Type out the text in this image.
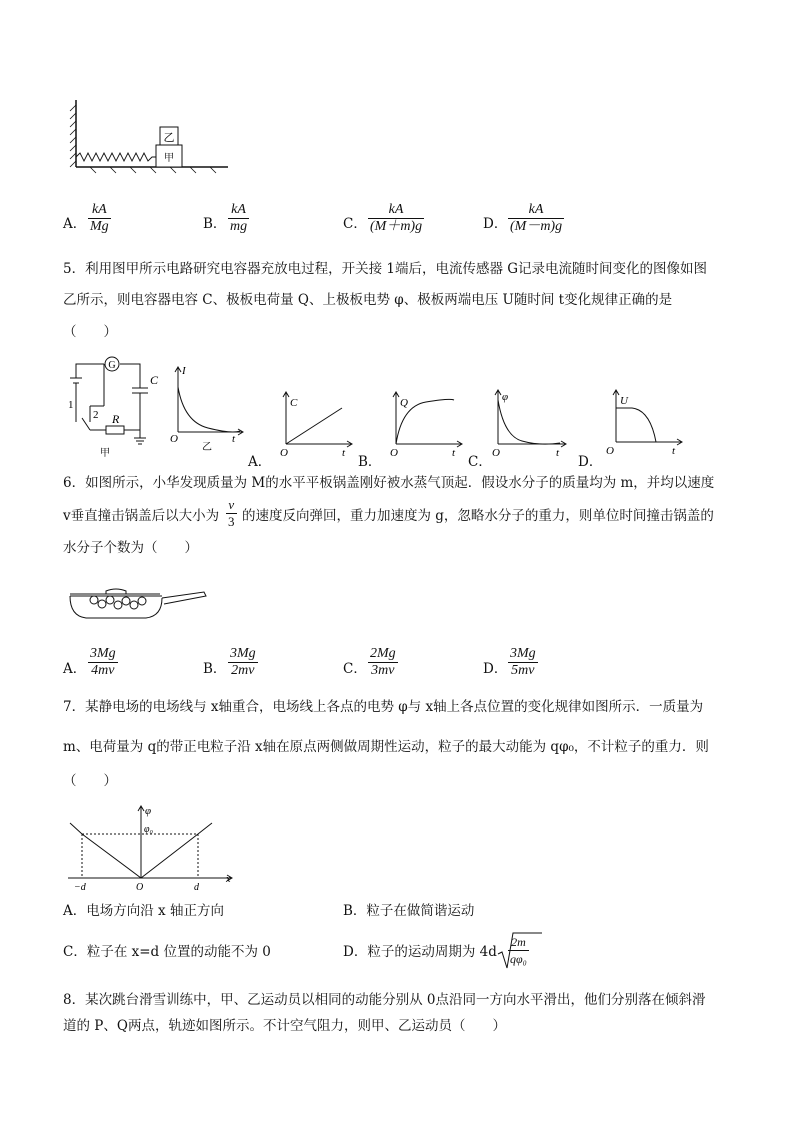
乙
甲
A．
kA
Mg	B．
kA
mg	C．
kA
(M＋m)g	D．
kA
(M－m)g
5．利用图甲所示电路研究电容器充放电过程，开关接 1端后，电流传感器 G记录电流随时间变化的图像如图
乙所示，则电容器电容 C、极板电荷量 Q、上极板电势 φ、极板两端电压 U随时间 t变化规律正确的是
（　　）
G
C
R
1
2
甲
I
O	t
乙
A．
C
O	t
B．
Q
O	t
C．
φ
O	t
D．
U
O	t
6．如图所示，小华发现质量为 M的水平平板锅盖刚好被水蒸气顶起．假设水分子的质量均为 m，并均以速度
v垂直撞击锅盖后以大小为
v
3 的速度反向弹回，重力加速度为 g，忽略水分子的重力，则单位时间撞击锅盖的
水分子个数为（　　）
A．
3Mg
4mv	B．
3Mg
2mv	C．
2Mg
3mv	D．
3Mg
5mv
7．某静电场的电场线与 x轴重合，电场线上各点的电势 φ与 x轴上各点位置的变化规律如图所示．一质量为
m、电荷量为 q的带正电粒子沿 x轴在原点两侧做周期性运动，粒子的最大动能为 qφ₀，不计粒子的重力．则
（　　）
φ
φ₀
−d	O	d
x
A．电场方向沿 x 轴正方向	B．粒子在做简谐运动
C．粒子在 x=d 位置的动能不为 0	D．粒子的运动周期为 4d
2m
qφ₀
8．某次跳台滑雪训练中，甲、乙运动员以相同的动能分别从 0点沿同一方向水平滑出，他们分别落在倾斜滑
道的 P、Q两点，轨迹如图所示。不计空气阻力，则甲、乙运动员（　　）
